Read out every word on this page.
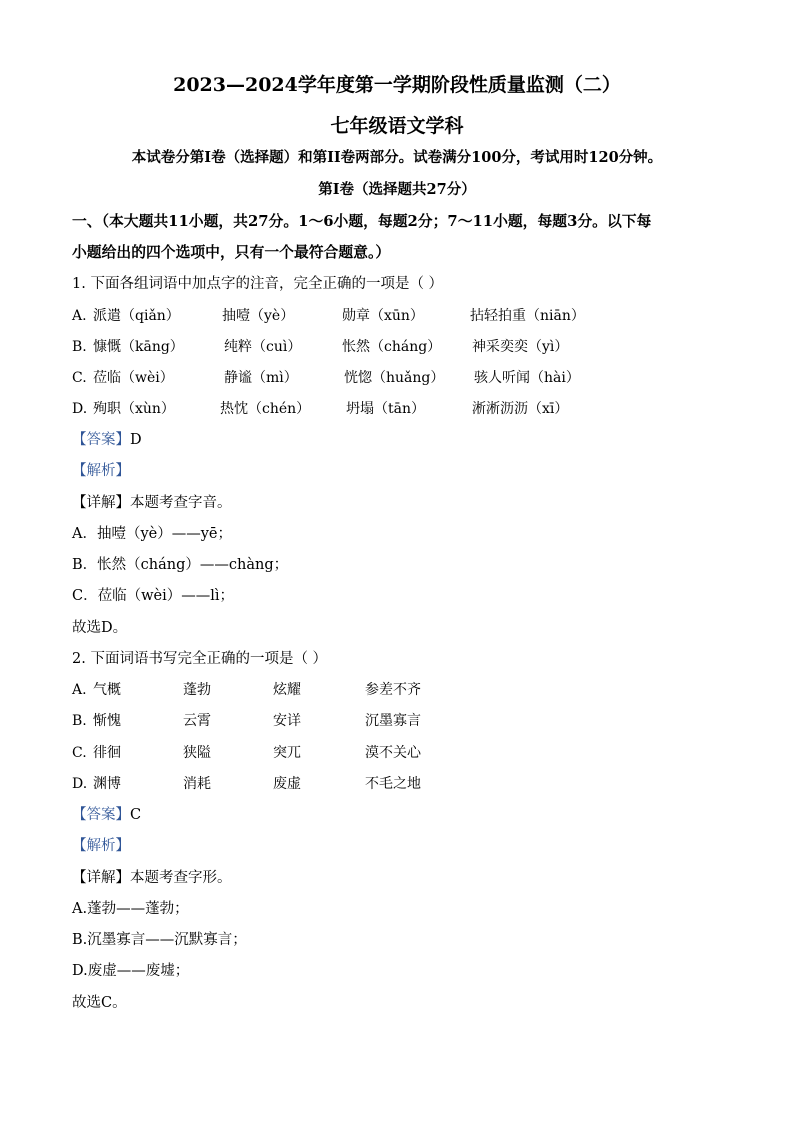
2023—2024学年度第一学期阶段性质量监测（二）
七年级语文学科
本试卷分第Ⅰ卷（选择题）和第II卷两部分。试卷满分100分，考试用时120分钟。
第Ⅰ卷（选择题共27分）
一、（本大题共11小题，共27分。1～6小题，每题2分；7～11小题，每题3分。以下每
小题给出的四个选项中，只有一个最符合题意。）
1. 下面各组词语中加点字的注音，完全正确的一项是（ ）
A. 派遣（qiǎn）	抽噎（yè）	勋章（xūn）	拈轻拍重（niān）
B. 慷慨（kāng）	纯粹（cuì）	怅然（cháng） 神采奕奕（yì）
C. 莅临（wèi）	静谧（mì）	恍惚（huǎng） 骇人听闻（hài）
D. 殉职（xùn）	热忱（chén）	坍塌（tān）	淅淅沥沥（xī）
【答案】D
【解析】
【详解】本题考查字音。
A．抽噎（yè）——yē；
B．怅然（cháng）——chàng；
C．莅临（wèi）——lì；
故选D。
2. 下面词语书写完全正确的一项是（ ）
A. 气概	蓬勃	炫耀	参差不齐
B. 惭愧	云霄	安详	沉墨寡言
C. 徘徊	狭隘	突兀	漠不关心
D. 渊博	消耗	废虚	不毛之地
【答案】C
【解析】
【详解】本题考查字形。
A.蓬勃——蓬勃；
B.沉墨寡言——沉默寡言；
D.废虚——废墟；
故选C。
